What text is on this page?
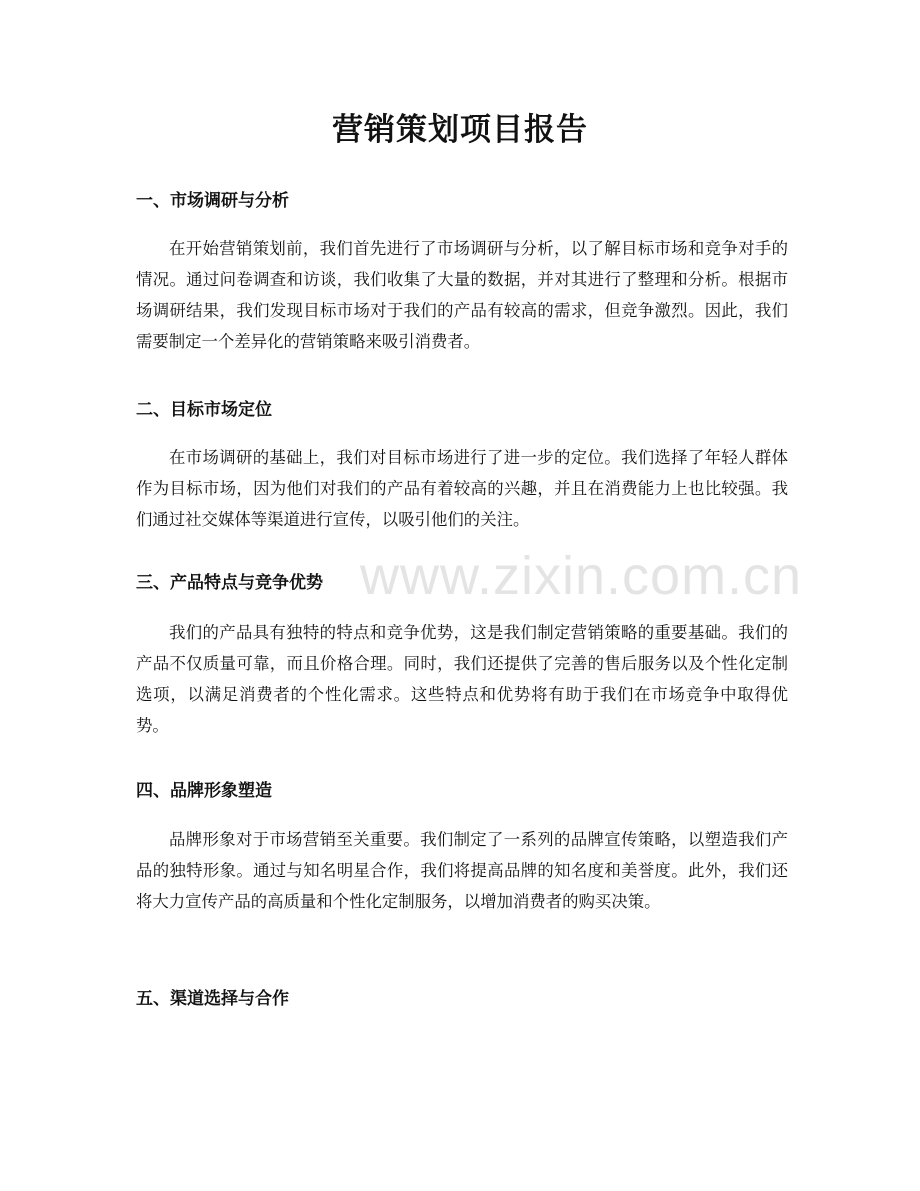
营销策划项目报告
一、市场调研与分析

在开始营销策划前，我们首先进行了市场调研与分析，以了解目标市场和竞争对手的情况。通过问卷调查和访谈，我们收集了大量的数据，并对其进行了整理和分析。根据市场调研结果，我们发现目标市场对于我们的产品有较高的需求，但竞争激烈。因此，我们需要制定一个差异化的营销策略来吸引消费者。

二、目标市场定位

在市场调研的基础上，我们对目标市场进行了进一步的定位。我们选择了年轻人群体作为目标市场，因为他们对我们的产品有着较高的兴趣，并且在消费能力上也比较强。我们通过社交媒体等渠道进行宣传，以吸引他们的关注。

三、产品特点与竞争优势

我们的产品具有独特的特点和竞争优势，这是我们制定营销策略的重要基础。我们的产品不仅质量可靠，而且价格合理。同时，我们还提供了完善的售后服务以及个性化定制选项，以满足消费者的个性化需求。这些特点和优势将有助于我们在市场竞争中取得优势。

四、品牌形象塑造

品牌形象对于市场营销至关重要。我们制定了一系列的品牌宣传策略，以塑造我们产品的独特形象。通过与知名明星合作，我们将提高品牌的知名度和美誉度。此外，我们还将大力宣传产品的高质量和个性化定制服务，以增加消费者的购买决策。

五、渠道选择与合作
www.zixin.com.cn
